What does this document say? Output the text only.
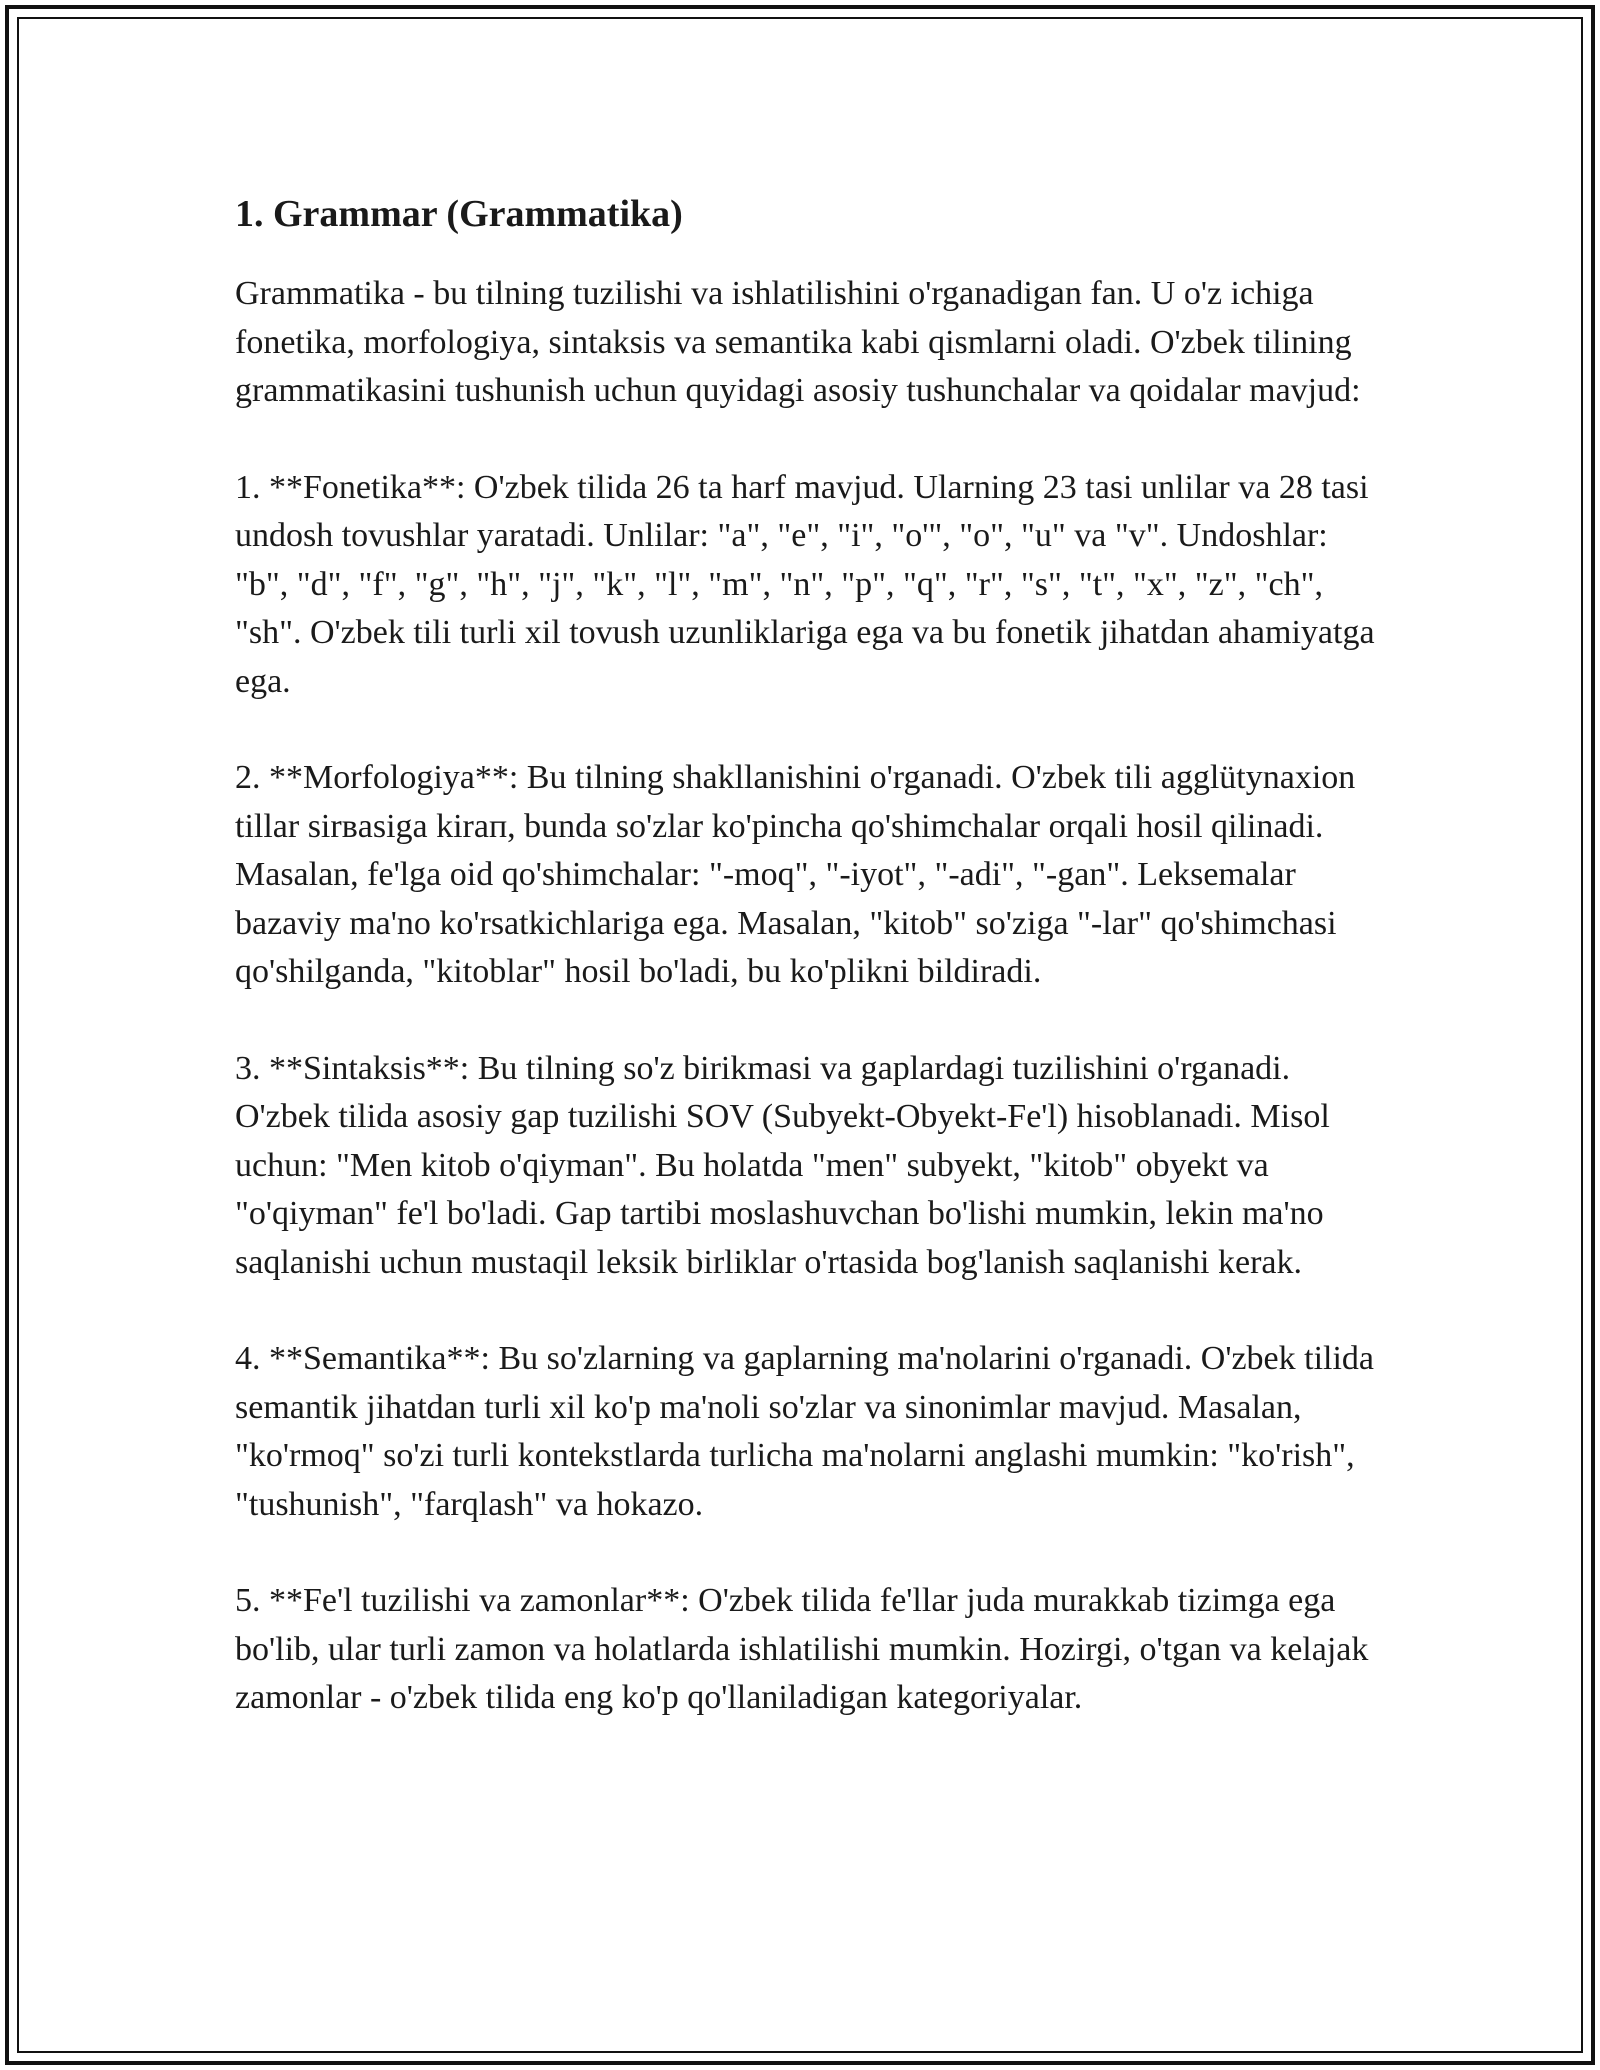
1. Grammar (Grammatika)

Grammatika - bu tilning tuzilishi va ishlatilishini o'rganadigan fan. U o'z ichiga fonetika, morfologiya, sintaksis va semantika kabi qismlarni oladi. O'zbek tilining grammatikasini tushunish uchun quyidagi asosiy tushunchalar va qoidalar mavjud:

1. **Fonetika**: O'zbek tilida 26 ta harf mavjud. Ularning 23 tasi unlilar va 28 tasi undosh tovushlar yaratadi. Unlilar: "a", "e", "i", "o'", "o", "u" va "v". Undoshlar: "b", "d", "f", "g", "h", "j", "k", "l", "m", "n", "p", "q", "r", "s", "t", "x", "z", "ch", "sh". O'zbek tili turli xil tovush uzunliklariga ega va bu fonetik jihatdan ahamiyatga ega.

2. **Morfologiya**: Bu tilning shakllanishini o'rganadi. O'zbek tili agglütynaxion tillar sirвasiga kiraп, bunda so'zlar ko'pincha qo'shimchalar orqali hosil qilinadi. Masalan, fe'lga oid qo'shimchalar: "-moq", "-iyot", "-adi", "-gan". Leksemalar bazaviy ma'no ko'rsatkichlariga ega. Masalan, "kitob" so'ziga "-lar" qo'shimchasi qo'shilganda, "kitoblar" hosil bo'ladi, bu ko'plikni bildiradi.

3. **Sintaksis**: Bu tilning so'z birikmasi va gaplardagi tuzilishini o'rganadi. O'zbek tilida asosiy gap tuzilishi SOV (Subyekt-Obyekt-Fe'l) hisoblanadi. Misol uchun: "Men kitob o'qiyman". Bu holatda "men" subyekt, "kitob" obyekt va "o'qiyman" fe'l bo'ladi. Gap tartibi moslashuvchan bo'lishi mumkin, lekin ma'no saqlanishi uchun mustaqil leksik birliklar o'rtasida bog'lanish saqlanishi kerak.

4. **Semantika**: Bu so'zlarning va gaplarning ma'nolarini o'rganadi. O'zbek tilida semantik jihatdan turli xil ko'p ma'noli so'zlar va sinonimlar mavjud. Masalan, "ko'rmoq" so'zi turli kontekstlarda turlicha ma'nolarni anglashi mumkin: "ko'rish", "tushunish", "farqlash" va hokazo.

5. **Fe'l tuzilishi va zamonlar**: O'zbek tilida fe'llar juda murakkab tizimga ega bo'lib, ular turli zamon va holatlarda ishlatilishi mumkin. Hozirgi, o'tgan va kelajak zamonlar - o'zbek tilida eng ko'p qo'llaniladigan kategoriyalar.
